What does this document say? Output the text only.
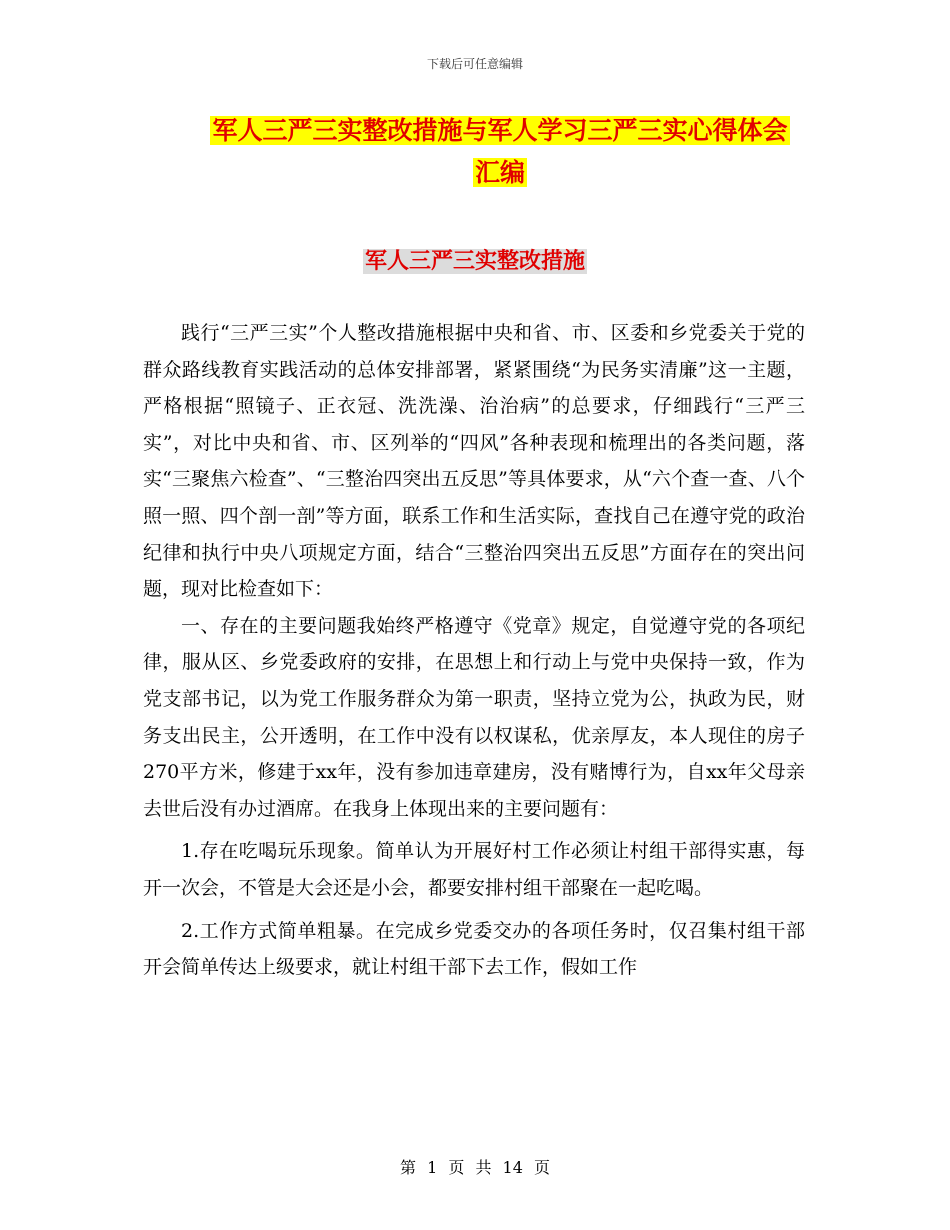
下载后可任意编辑
军人三严三实整改措施与军人学习三严三实心得体会
汇编
军人三严三实整改措施

践行“三严三实”个人整改措施根据中央和省、市、区委和乡党委关于党的群众路线教育实践活动的总体安排部署，紧紧围绕“为民务实清廉”这一主题，严格根据“照镜子、正衣冠、洗洗澡、治治病”的总要求，仔细践行“三严三实”，对比中央和省、市、区列举的“四风”各种表现和梳理出的各类问题，落实“三聚焦六检查”、“三整治四突出五反思”等具体要求，从“六个查一查、八个照一照、四个剖一剖”等方面，联系工作和生活实际，查找自己在遵守党的政治纪律和执行中央八项规定方面，结合“三整治四突出五反思”方面存在的突出问题，现对比检查如下：

一、存在的主要问题我始终严格遵守《党章》规定，自觉遵守党的各项纪律，服从区、乡党委政府的安排，在思想上和行动上与党中央保持一致，作为党支部书记，以为党工作服务群众为第一职责，坚持立党为公，执政为民，财务支出民主，公开透明，在工作中没有以权谋私，优亲厚友，本人现住的房子270平方米，修建于xx年，没有参加违章建房，没有赌博行为，自xx年父母亲去世后没有办过酒席。在我身上体现出来的主要问题有：

1.存在吃喝玩乐现象。简单认为开展好村工作必须让村组干部得实惠，每开一次会，不管是大会还是小会，都要安排村组干部聚在一起吃喝。

2.工作方式简单粗暴。在完成乡党委交办的各项任务时，仅召集村组干部开会简单传达上级要求，就让村组干部下去工作，假如工作

第 1 页 共 14 页
